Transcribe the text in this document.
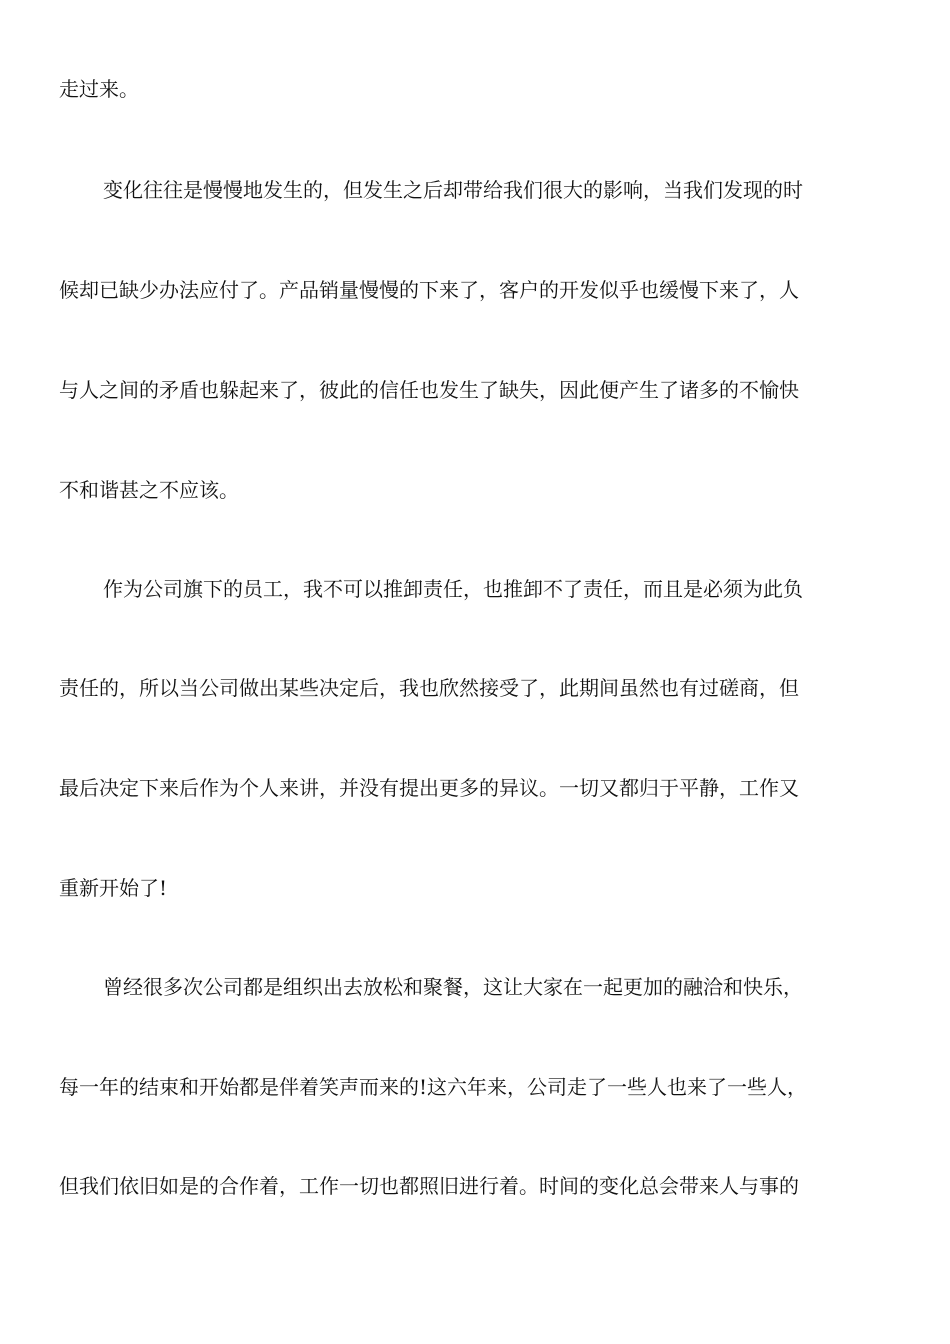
走过来。
变化往往是慢慢地发生的，但发生之后却带给我们很大的影响，当我们发现的时
候却已缺少办法应付了。产品销量慢慢的下来了，客户的开发似乎也缓慢下来了，人
与人之间的矛盾也躲起来了，彼此的信任也发生了缺失，因此便产生了诸多的不愉快
不和谐甚之不应该。
作为公司旗下的员工，我不可以推卸责任，也推卸不了责任，而且是必须为此负
责任的，所以当公司做出某些决定后，我也欣然接受了，此期间虽然也有过磋商，但
最后决定下来后作为个人来讲，并没有提出更多的异议。一切又都归于平静，工作又
重新开始了!
曾经很多次公司都是组织出去放松和聚餐，这让大家在一起更加的融洽和快乐，
每一年的结束和开始都是伴着笑声而来的!这六年来，公司走了一些人也来了一些人，
但我们依旧如是的合作着，工作一切也都照旧进行着。时间的变化总会带来人与事的
